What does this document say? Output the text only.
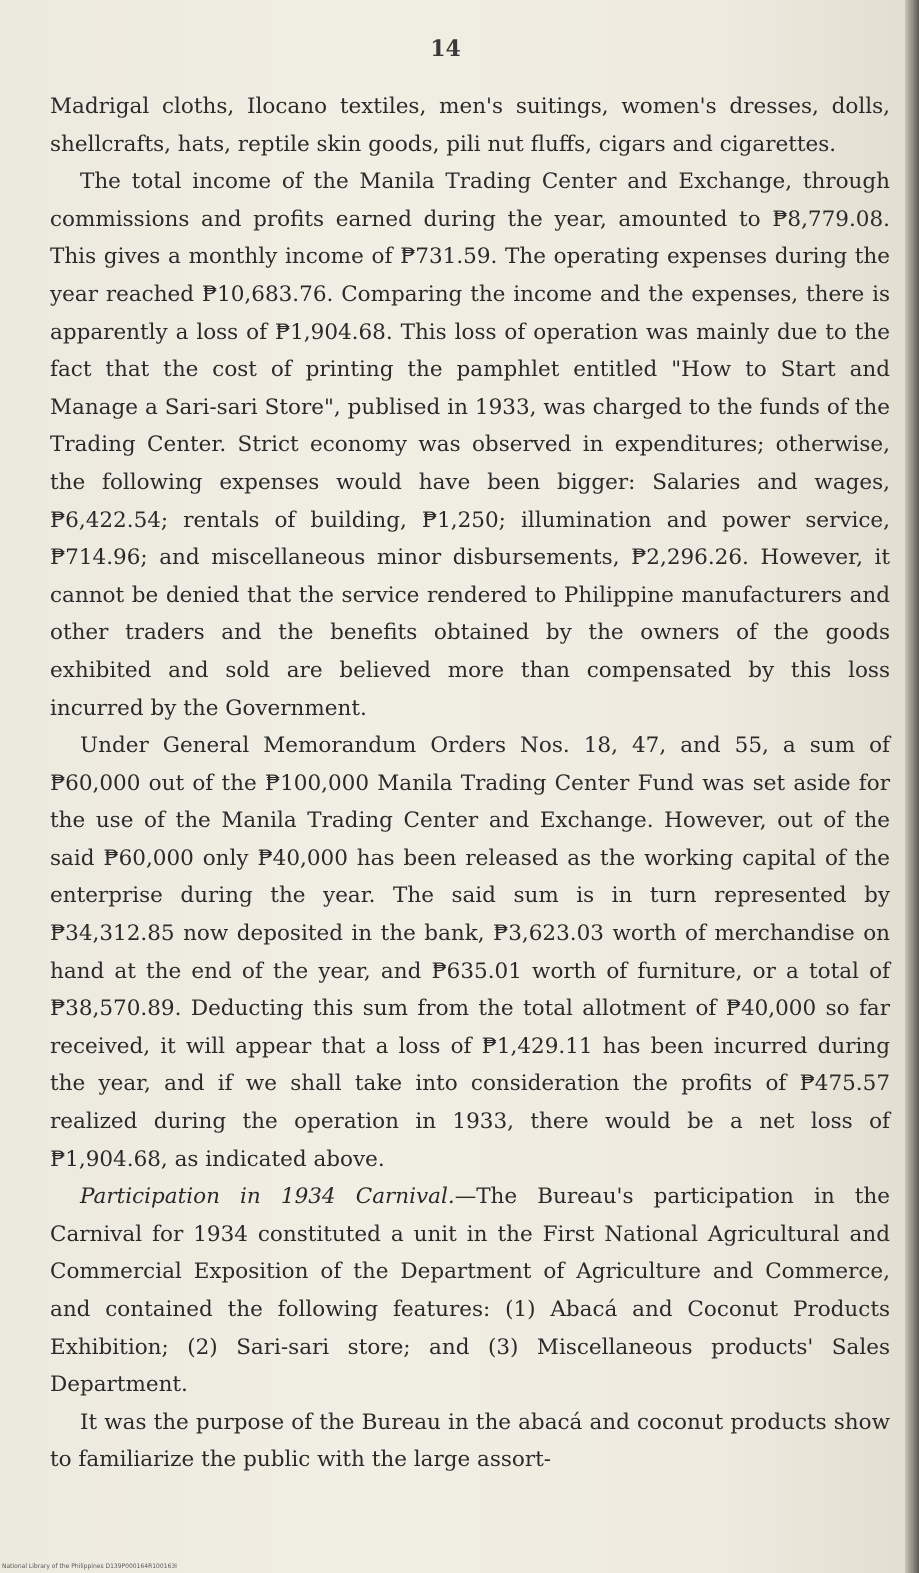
14

Madrigal cloths, Ilocano textiles, men's suitings, women's dresses, dolls, shellcrafts, hats, reptile skin goods, pili nut fluffs, cigars and cigarettes.

The total income of the Manila Trading Center and Exchange, through commissions and profits earned during the year, amounted to ₱8,779.08. This gives a monthly income of ₱731.59. The operating expenses during the year reached ₱10,683.76. Comparing the income and the expenses, there is apparently a loss of ₱1,904.68. This loss of operation was mainly due to the fact that the cost of printing the pamphlet entitled "How to Start and Manage a Sari-sari Store", publised in 1933, was charged to the funds of the Trading Center. Strict economy was observed in expenditures; otherwise, the following expenses would have been bigger: Salaries and wages, ₱6,422.54; rentals of building, ₱1,250; illumination and power service, ₱714.96; and miscellaneous minor disbursements, ₱2,296.26. However, it cannot be denied that the service rendered to Philippine manufacturers and other traders and the benefits obtained by the owners of the goods exhibited and sold are believed more than compensated by this loss incurred by the Government.

Under General Memorandum Orders Nos. 18, 47, and 55, a sum of ₱60,000 out of the ₱100,000 Manila Trading Center Fund was set aside for the use of the Manila Trading Center and Exchange. However, out of the said ₱60,000 only ₱40,000 has been released as the working capital of the enterprise during the year. The said sum is in turn represented by ₱34,312.85 now deposited in the bank, ₱3,623.03 worth of merchandise on hand at the end of the year, and ₱635.01 worth of furniture, or a total of ₱38,570.89. Deducting this sum from the total allotment of ₱40,000 so far received, it will appear that a loss of ₱1,429.11 has been incurred during the year, and if we shall take into consideration the profits of ₱475.57 realized during the operation in 1933, there would be a net loss of ₱1,904.68, as indicated above.

Participation in 1934 Carnival.—The Bureau's participation in the Carnival for 1934 constituted a unit in the First National Agricultural and Commercial Exposition of the Department of Agriculture and Commerce, and contained the following features: (1) Abacá and Coconut Products Exhibition; (2) Sari-sari store; and (3) Miscellaneous products' Sales Department.

It was the purpose of the Bureau in the abacá and coconut products show to familiarize the public with the large assort-

National Library of the Philippines D139P000164R100163I
